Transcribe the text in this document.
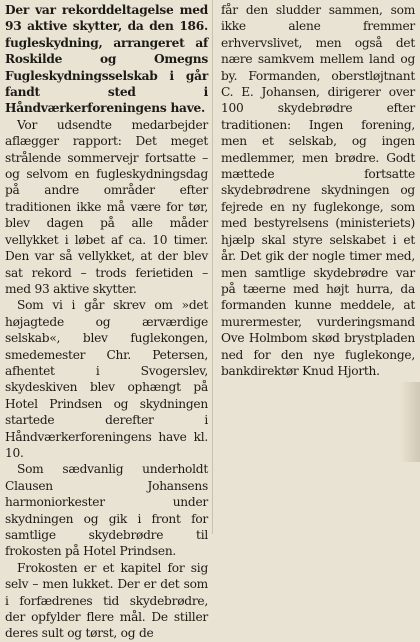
Der var rekorddeltagelse med 93 aktive skytter, da den 186. fugleskydning, arrangeret af Roskilde og Omegns Fugleskydningsselskab i går fandt sted i Håndværkerforeningens have.

Vor udsendte medarbejder aflægger rapport: Det meget strålende sommervejr fortsatte – og selvom en fugleskydningsdag på andre områder efter traditionen ikke må være for tør, blev dagen på alle måder vellykket i løbet af ca. 10 timer. Den var så vellykket, at der blev sat rekord – trods ferietiden – med 93 aktive skytter.

Som vi i går skrev om »det højagtede og ærværdige selskab«, blev fuglekongen, smedemester Chr. Petersen, afhentet i Svogerslev, skydeskiven blev ophængt på Hotel Prindsen og skydningen startede derefter i Håndværkerforeningens have kl. 10.

Som sædvanlig underholdt Clausen Johansens harmoniorkester under skydningen og gik i front for samtlige skydebrødre til frokosten på Hotel Prindsen.

Frokosten er et kapitel for sig selv – men lukket. Der er det som i forfædrenes tid skydebrødre, der opfylder flere mål. De stiller deres sult og tørst, og de

får den sludder sammen, som ikke alene fremmer erhvervslivet, men også det nære samkvem mellem land og by. Formanden, oberstløjtnant C. E. Johansen, dirigerer over 100 skydebrødre efter traditionen: Ingen forening, men et selskab, og ingen medlemmer, men brødre. Godt mættede fortsatte skydebrødrene skydningen og fejrede en ny fuglekonge, som med bestyrelsens (ministeriets) hjælp skal styre selskabet i et år. Det gik der nogle timer med, men samtlige skydebrødre var på tæerne med højt hurra, da formanden kunne meddele, at murermester, vurderingsmand Ove Holmbom skød brystpladen ned for den nye fuglekonge, bankdirektør Knud Hjorth.
